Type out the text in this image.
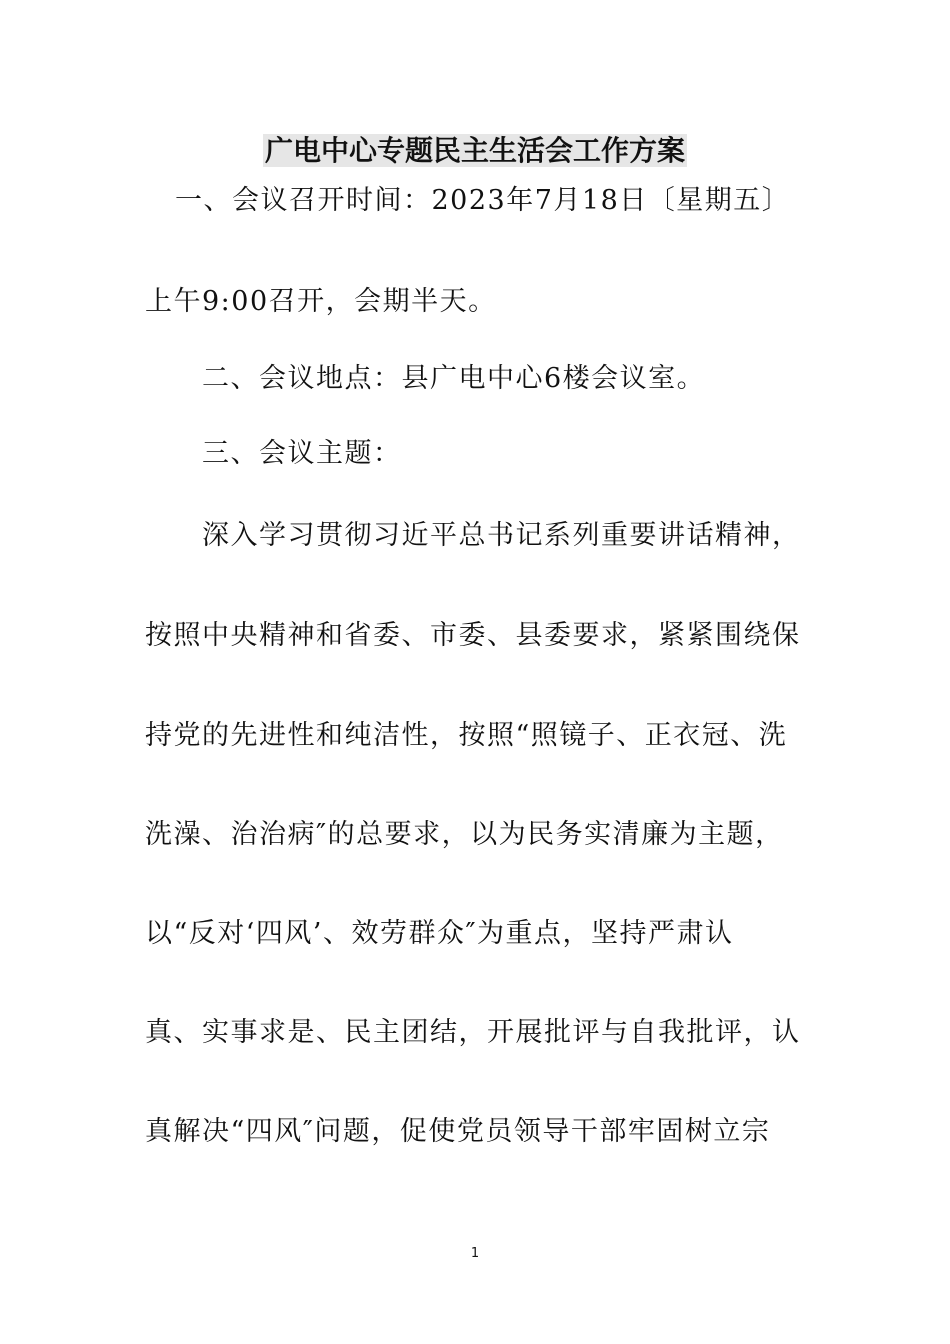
广电中心专题民主生活会工作方案
一、会议召开时间：2023年7月18日〔星期五〕
上午9:00召开，会期半天。
二、会议地点：县广电中心6楼会议室。
三、会议主题：
深入学习贯彻习近平总书记系列重要讲话精神，
按照中央精神和省委、市委、县委要求，紧紧围绕保
持党的先进性和纯洁性，按照“照镜子、正衣冠、洗
洗澡、治治病″的总要求，以为民务实清廉为主题，
以“反对‘四风’、效劳群众″为重点，坚持严肃认
真、实事求是、民主团结，开展批评与自我批评，认
真解决“四风″问题，促使党员领导干部牢固树立宗
1
